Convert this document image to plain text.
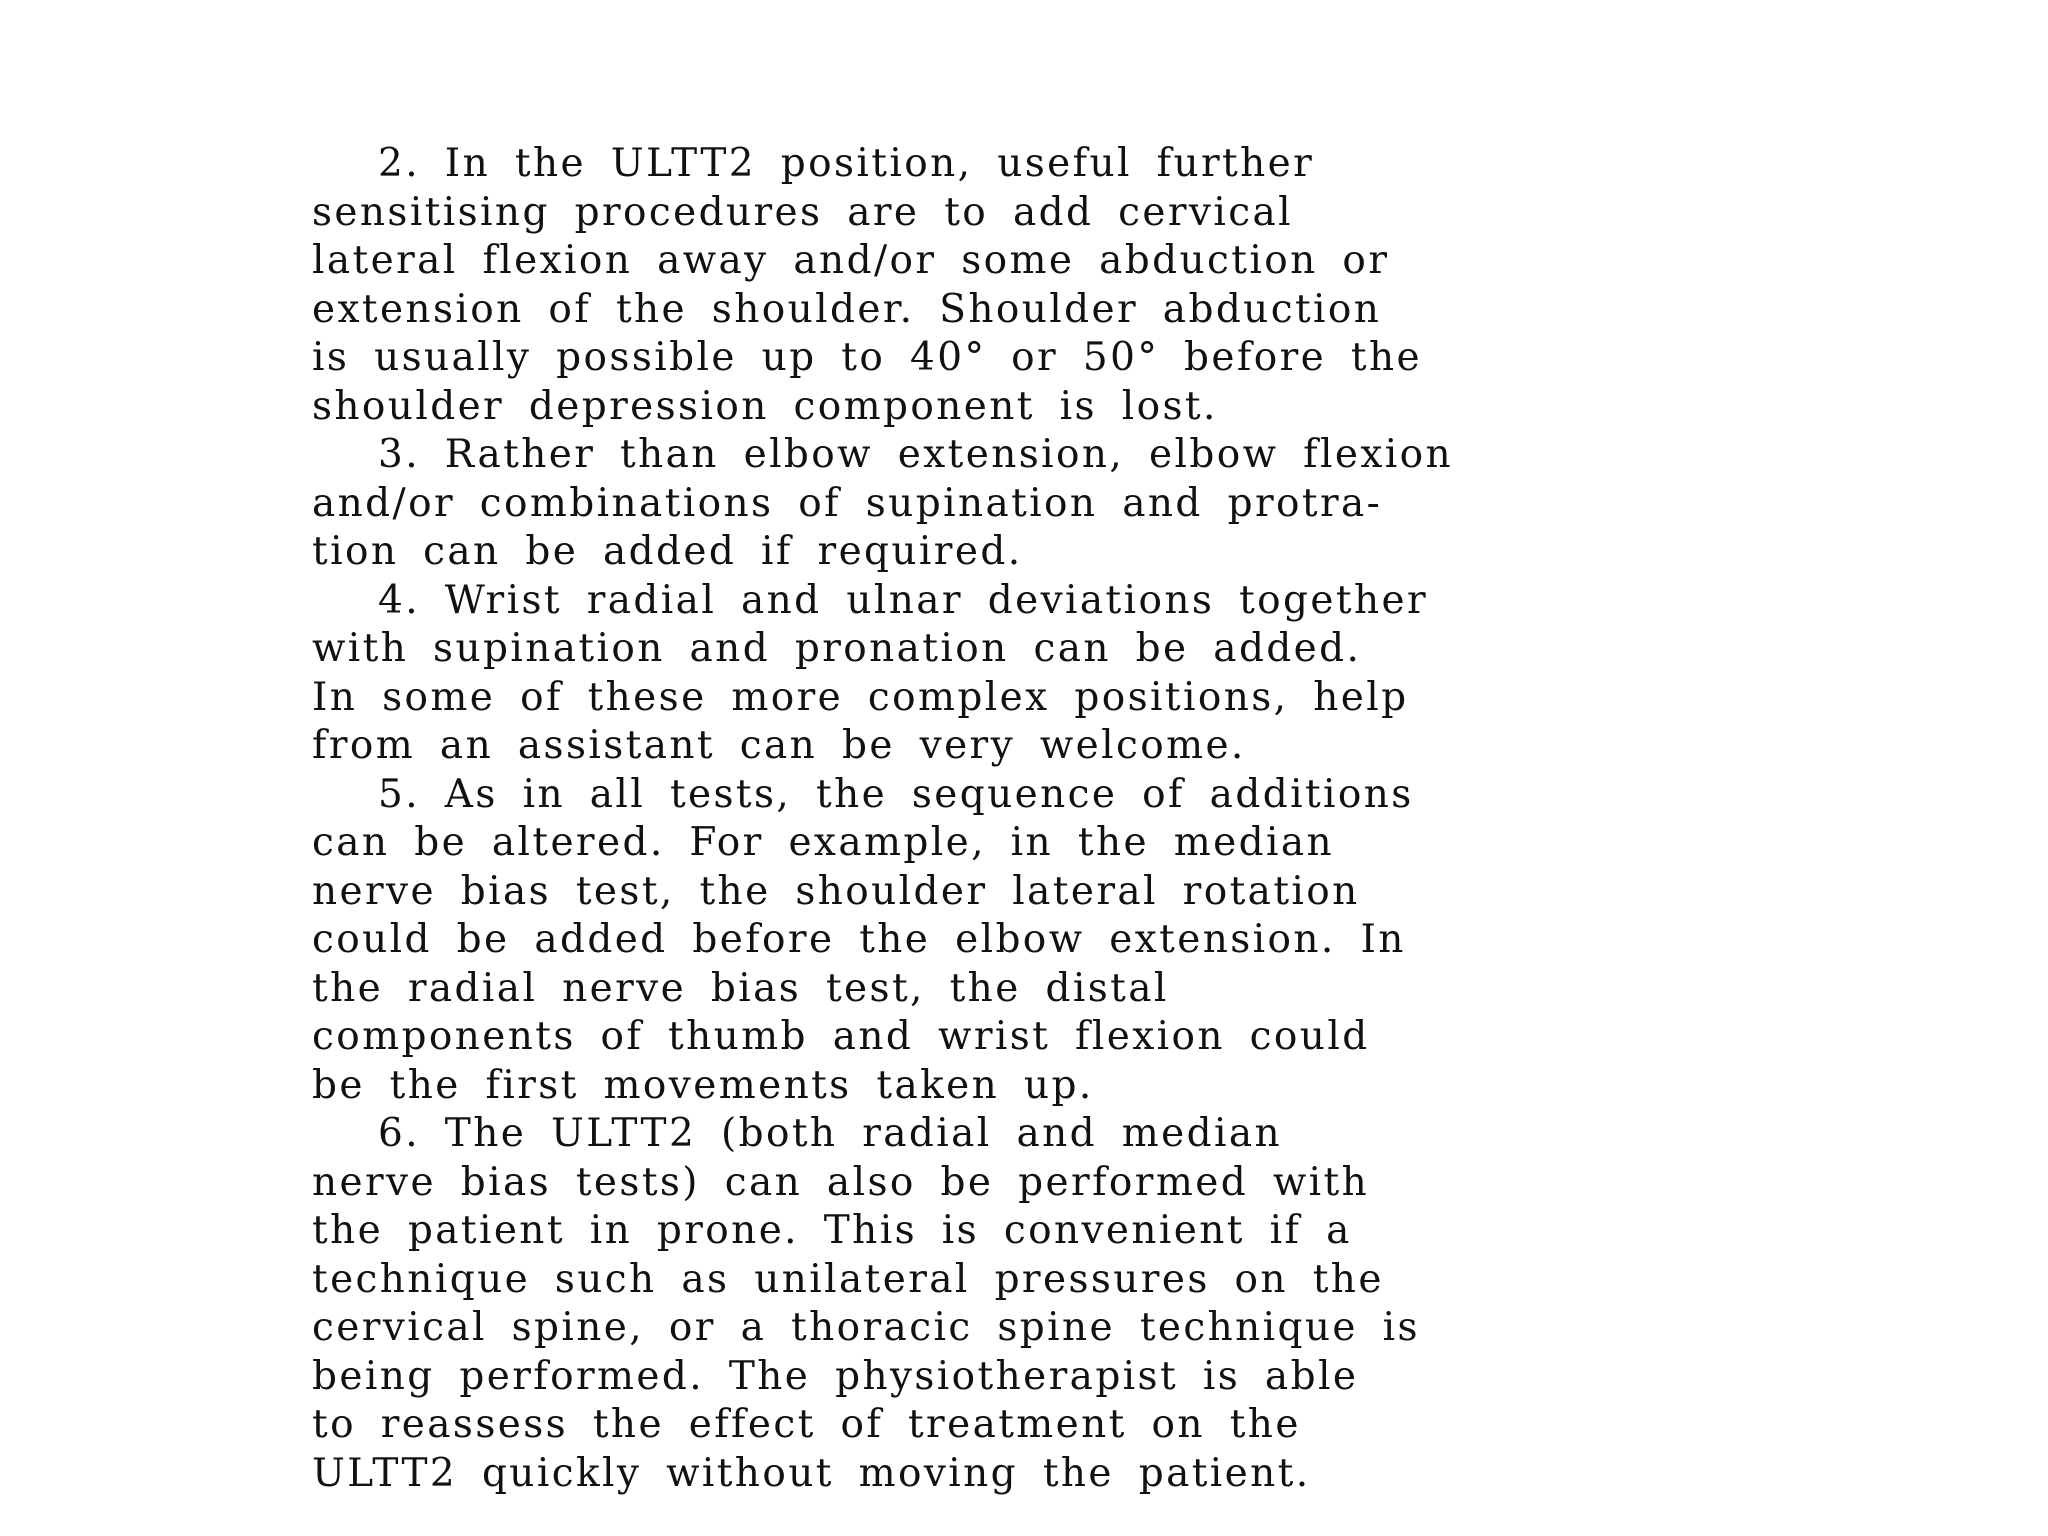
2. In the ULTT2 position, useful further
sensitising procedures are to add cervical
lateral flexion away and/or some abduction or
extension of the shoulder. Shoulder abduction
is usually possible up to 40° or 50° before the
shoulder depression component is lost.
3. Rather than elbow extension, elbow flexion
and/or combinations of supination and protra-
tion can be added if required.
4. Wrist radial and ulnar deviations together
with supination and pronation can be added.
In some of these more complex positions, help
from an assistant can be very welcome.
5. As in all tests, the sequence of additions
can be altered. For example, in the median
nerve bias test, the shoulder lateral rotation
could be added before the elbow extension. In
the radial nerve bias test, the distal
components of thumb and wrist flexion could
be the first movements taken up.
6. The ULTT2 (both radial and median
nerve bias tests) can also be performed with
the patient in prone. This is convenient if a
technique such as unilateral pressures on the
cervical spine, or a thoracic spine technique is
being performed. The physiotherapist is able
to reassess the effect of treatment on the
ULTT2 quickly without moving the patient.
